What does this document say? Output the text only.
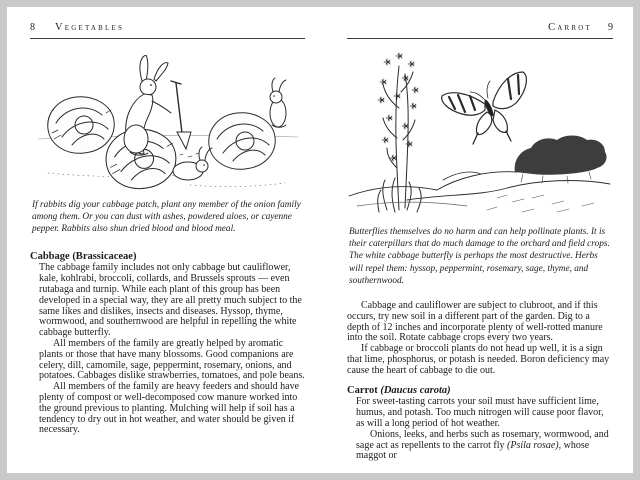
8 Vegetables
If rabbits dig your cabbage patch, plant any member of the onion family among them. Or you can dust with ashes, powdered aloes, or cayenne pepper. Rabbits also shun dried blood and blood meal.
Cabbage (Brassicaceae)

The cabbage family includes not only cabbage but cauliflower, kale, kohlrabi, broccoli, collards, and Brussels sprouts — even rutabaga and turnip. While each plant of this group has been developed in a special way, they are all pretty much subject to the same likes and dislikes, insects and diseases. Hyssop, thyme, wormwood, and southernwood are helpful in repelling the white cabbage butterfly.

All members of the family are greatly helped by aromatic plants or those that have many blossoms. Good companions are celery, dill, camomile, sage, peppermint, rosemary, onions, and potatoes. Cabbages dislike strawberries, tomatoes, and pole beans.

All members of the family are heavy feeders and should have plenty of compost or well-decomposed cow manure worked into the ground previous to planting. Mulching will help if soil has a tendency to dry out in hot weather, and water should be given if necessary.

Carrot 9
Butterflies themselves do no harm and can help pollinate plants. It is their caterpillars that do much damage to the orchard and field crops. The white cabbage butterfly is perhaps the most destructive. Herbs will repel them: hyssop, peppermint, rosemary, sage, thyme, and southernwood.

Cabbage and cauliflower are subject to clubroot, and if this occurs, try new soil in a different part of the garden. Dig to a depth of 12 inches and incorporate plenty of well-rotted manure into the soil. Rotate cabbage crops every two years.

If cabbage or broccoli plants do not head up well, it is a sign that lime, phosphorus, or potash is needed. Boron deficiency may cause the heart of cabbage to die out.

Carrot (Daucus carota)

For sweet-tasting carrots your soil must have sufficient lime, humus, and potash. Too much nitrogen will cause poor flavor, as will a long period of hot weather.

Onions, leeks, and herbs such as rosemary, wormwood, and sage act as repellents to the carrot fly (Psila rosae), whose maggot or
